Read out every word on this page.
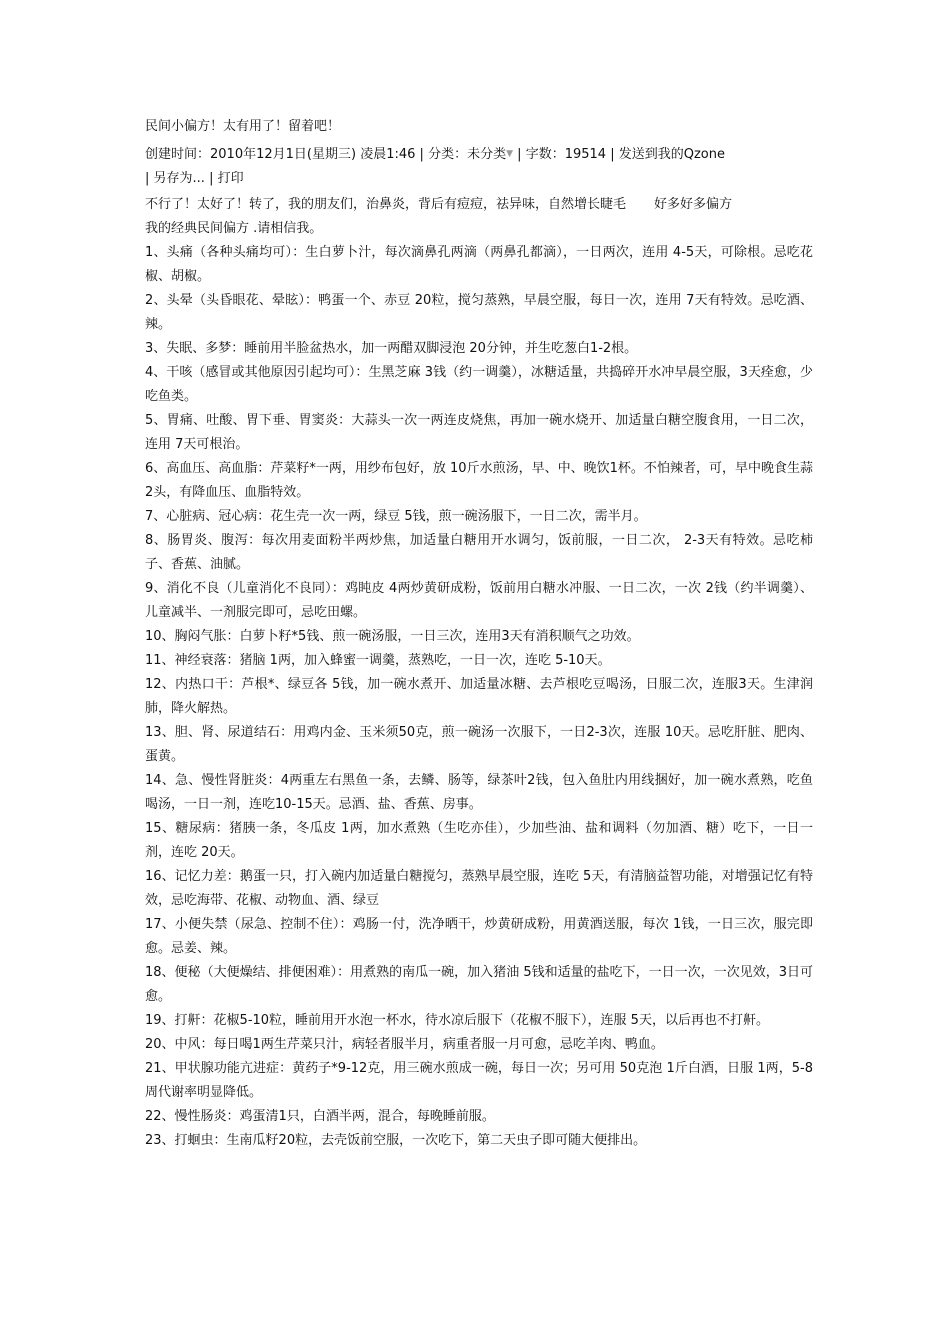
民间小偏方！太有用了！留着吧！
创建时间：2010年12月1日(星期三) 凌晨1:46 | 分类：未分类▼ | 字数：19514 | 发送到我的Qzone
| 另存为... | 打印
不行了！太好了！转了，我的朋友们，治鼻炎，背后有痘痘，祛异味，自然增长睫毛 好多好多偏方
我的经典民间偏方 .请相信我。

1、头痛（各种头痛均可）：生白萝卜汁，每次滴鼻孔两滴（两鼻孔都滴），一日两次，连用 4-5天，可除根。忌吃花椒、胡椒。

2、头晕（头昏眼花、晕眩）：鸭蛋一个、赤豆 20粒，搅匀蒸熟，早晨空服，每日一次，连用 7天有特效。忌吃酒、辣。

3、失眠、多梦：睡前用半脸盆热水，加一两醋双脚浸泡 20分钟，并生吃葱白1-2根。

4、干咳（感冒或其他原因引起均可）：生黑芝麻 3钱（约一调羹），冰糖适量，共捣碎开水冲早晨空服，3天痊愈，少吃鱼类。

5、胃痛、吐酸、胃下垂、胃窦炎：大蒜头一次一两连皮烧焦，再加一碗水烧开、加适量白糖空腹食用，一日二次，连用 7天可根治。

6、高血压、高血脂：芹菜籽*一两，用纱布包好，放 10斤水煎汤，早、中、晚饮1杯。不怕辣者，可，早中晚食生蒜2头，有降血压、血脂特效。

7、心脏病、冠心病：花生壳一次一两，绿豆 5钱，煎一碗汤服下，一日二次，需半月。

8、肠胃炎、腹泻：每次用麦面粉半两炒焦，加适量白糖用开水调匀，饭前服，一日二次， 2-3天有特效。忌吃柿子、香蕉、油腻。

9、消化不良（儿童消化不良同）：鸡盹皮 4两炒黄研成粉，饭前用白糖水冲服、一日二次，一次 2钱（约半调羹）、儿童减半、一剂服完即可，忌吃田螺。

10、胸闷气胀：白萝卜籽*5钱、煎一碗汤服，一日三次，连用3天有消积顺气之功效。

11、神经衰落：猪脑 1两，加入蜂蜜一调羹，蒸熟吃，一日一次，连吃 5-10天。

12、内热口干：芦根*、绿豆各 5钱，加一碗水煮开、加适量冰糖、去芦根吃豆喝汤，日服二次，连服3天。生津润肺，降火解热。

13、胆、肾、尿道结石：用鸡内金、玉米须50克，煎一碗汤一次服下，一日2-3次，连服 10天。忌吃肝脏、肥肉、蛋黄。

14、急、慢性肾脏炎：4两重左右黑鱼一条，去鳞、肠等，绿茶叶2钱，包入鱼肚内用线捆好，加一碗水煮熟，吃鱼喝汤，一日一剂，连吃10-15天。忌酒、盐、香蕉、房事。

15、糖尿病：猪胰一条，冬瓜皮 1两，加水煮熟（生吃亦佳），少加些油、盐和调料（勿加酒、糖）吃下，一日一剂，连吃 20天。

16、记忆力差：鹅蛋一只，打入碗内加适量白糖搅匀，蒸熟早晨空服，连吃 5天，有清脑益智功能，对增强记忆有特效，忌吃海带、花椒、动物血、酒、绿豆

17、小便失禁（尿急、控制不住）：鸡肠一付，洗净晒干，炒黄研成粉，用黄酒送服，每次 1钱，一日三次，服完即愈。忌姜、辣。

18、便秘（大便燥结、排便困难）：用煮熟的南瓜一碗，加入猪油 5钱和适量的盐吃下，一日一次，一次见效，3日可愈。

19、打鼾：花椒5-10粒，睡前用开水泡一杯水，待水凉后服下（花椒不服下），连服 5天，以后再也不打鼾。

20、中风：每日喝1两生芹菜只汁，病轻者服半月，病重者服一月可愈，忌吃羊肉、鸭血。

21、甲状腺功能亢进症：黄药子*9-12克，用三碗水煎成一碗，每日一次；另可用 50克泡 1斤白酒，日服 1两，5-8周代谢率明显降低。

22、慢性肠炎：鸡蛋清1只，白酒半两，混合，每晚睡前服。

23、打蛔虫：生南瓜籽20粒，去壳饭前空服，一次吃下，第二天虫子即可随大便排出。
